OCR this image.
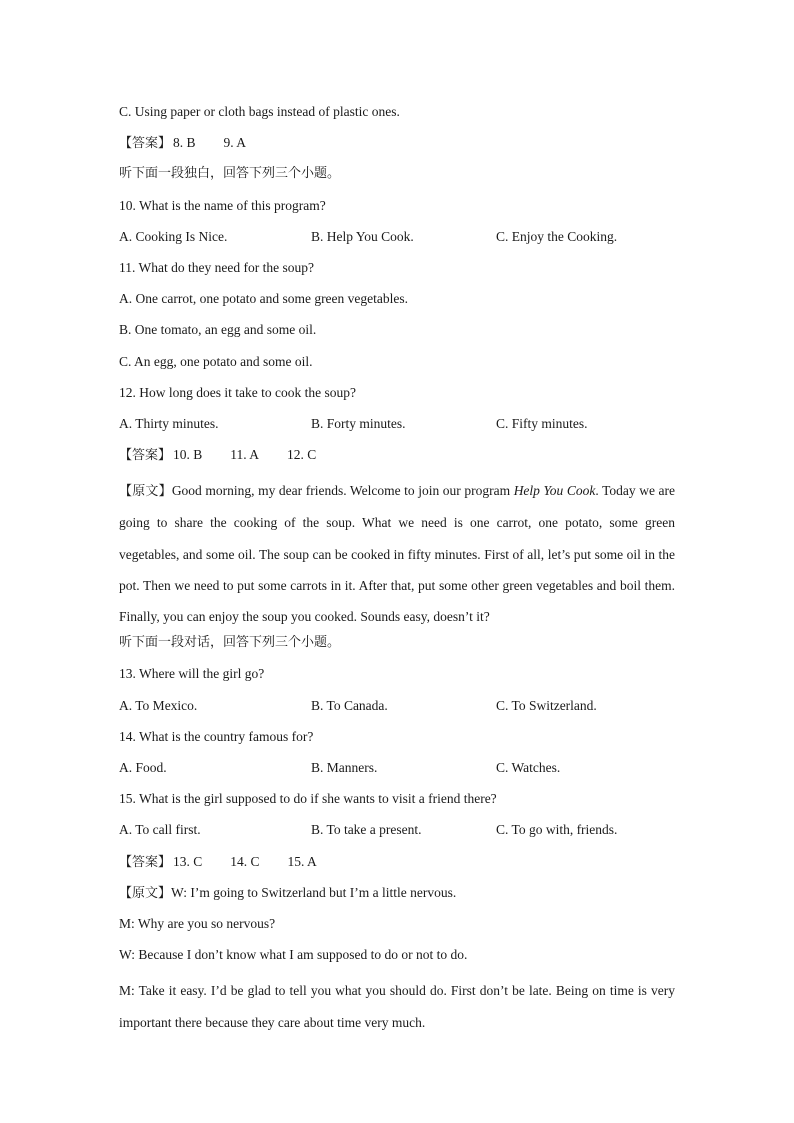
C. Using paper or cloth bags instead of plastic ones.
【答案】 8. B 9. A
听下面一段独白，回答下列三个小题。
10. What is the name of this program?
A. Cooking Is Nice.	B. Help You Cook.	C. Enjoy the Cooking.
11. What do they need for the soup?
A. One carrot, one potato and some green vegetables.
B. One tomato, an egg and some oil.
C. An egg, one potato and some oil.
12. How long does it take to cook the soup?
A. Thirty minutes.	B. Forty minutes.	C. Fifty minutes.
【答案】 10. B 11. A 12. C

【原文】Good morning, my dear friends. Welcome to join our program Help You Cook. Today we are going to share the cooking of the soup. What we need is one carrot, one potato, some green vegetables, and some oil. The soup can be cooked in fifty minutes. First of all, let’s put some oil in the pot. Then we need to put some carrots in it. After that, put some other green vegetables and boil them. Finally, you can enjoy the soup you cooked. Sounds easy, doesn’t it?

听下面一段对话，回答下列三个小题。
13. Where will the girl go?
A. To Mexico.	B. To Canada.	C. To Switzerland.
14. What is the country famous for?
A. Food.	B. Manners.	C. Watches.
15. What is the girl supposed to do if she wants to visit a friend there?
A. To call first.	B. To take a present.	C. To go with, friends.
【答案】 13. C 14. C 15. A
【原文】W: I’m going to Switzerland but I’m a little nervous.
M: Why are you so nervous?
W: Because I don’t know what I am supposed to do or not to do.

M: Take it easy. I’d be glad to tell you what you should do. First don’t be late. Being on time is very important there because they care about time very much.
